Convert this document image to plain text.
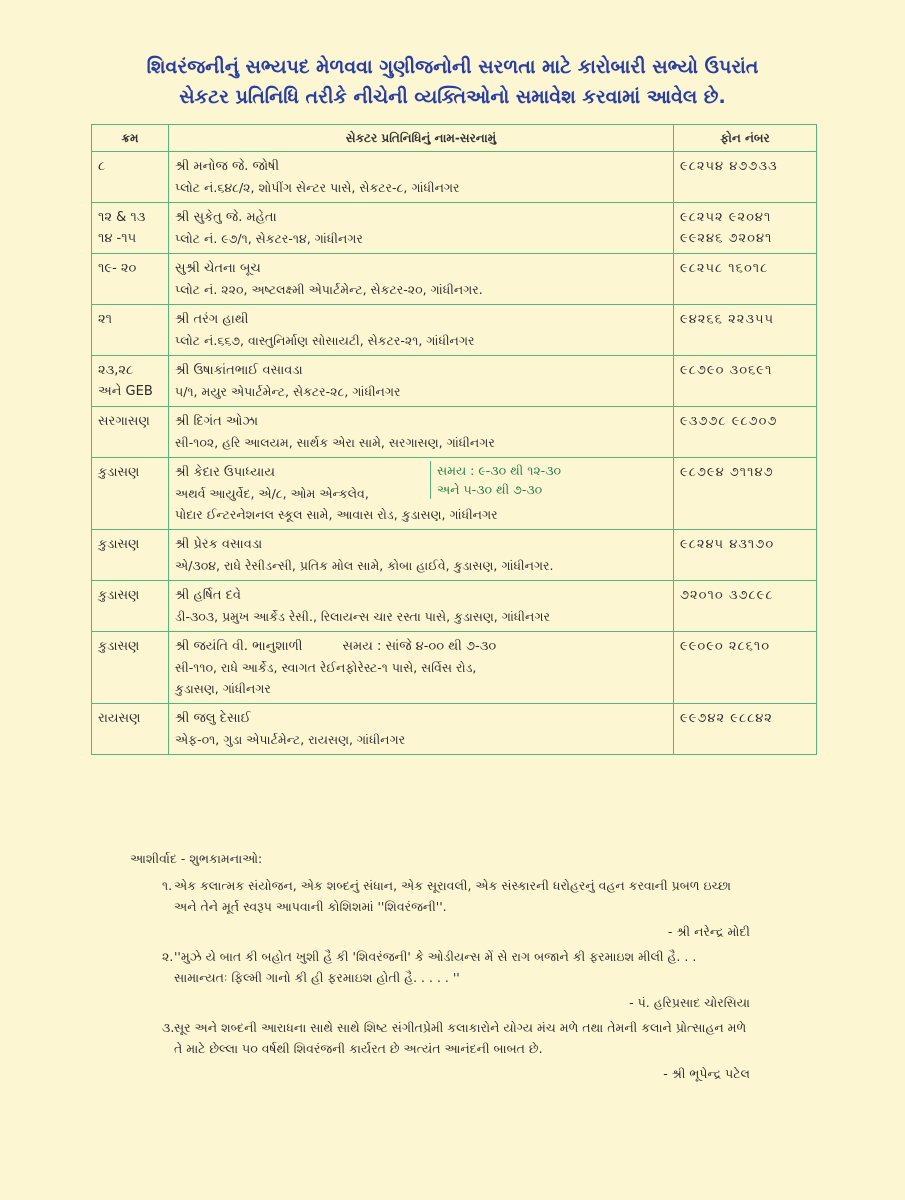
શિવરંજનીનું સભ્યપદ મેળવવા ગુણીજનોની સરળતા માટે કારોબારી સભ્યો ઉપરાંત
સેકટર પ્રતિનિધિ તરીકે નીચેની વ્યક્તિઓનો સમાવેશ કરવામાં આવેલ છે.
ક્રમ	સેકટર પ્રતિનિધિનું નામ-સરનામું	ફોન નંબર

૮	શ્રી મનોજ જે. જોષી
પ્લોટ નં.૬૪૮/૨, શોપીંગ સેન્ટર પાસે, સેકટર-૮, ગાંધીનગર	૯૮૨૫૪ ૪૭૭૩૩

૧૨ & ૧૩
૧૪ -૧૫	શ્રી સુકેતુ જે. મહેતા
પ્લોટ નં. ૯૭/૧, સેકટર-૧૪, ગાંધીનગર	૯૮૨૫૨ ૯૨૦૪૧
૯૯૨૪૬ ૭૨૦૪૧

૧૯- ૨૦	સુશ્રી ચેતના બૂચ
પ્લોટ નં. ૨૨૦, અષ્ટલક્ષ્મી એપાર્ટમેન્ટ, સેકટર-૨૦, ગાંધીનગર.	૯૮૨૫૮ ૧૬૦૧૮

૨૧	શ્રી તરંગ હાથી
પ્લોટ નં.૬૬૭, વાસ્તુનિર્માણ સોસાયટી, સેકટર-૨૧, ગાંધીનગર	૯૪૨૬૬ ૨૨૩૫૫

૨૩,૨૮
અને GEB	શ્રી ઉષાકાંતભાઈ વસાવડા
૫/૧, મયુર એપાર્ટમેન્ટ, સેકટર-૨૮, ગાંધીનગર	૯૮૭૯૦ ૩૦૬૯૧

સરગાસણ	શ્રી દિગંત ઓઝા
સી-૧૦૨, હરિ આલયમ, સાર્થક એરા સામે, સરગાસણ, ગાંધીનગર	૯૩૭૭૮ ૯૮૭૦૭

કુડાસણ	શ્રી કેદાર ઉપાધ્યાય સમય : ૯-૩૦ થી ૧૨-૩૦
અને ૫-૩૦ થી ૭-૩૦
અથર્વ આયુર્વેદ, એ/૮, ઓમ એન્કલેવ,
પોદાર ઈન્ટરનેશનલ સ્કૂલ સામે, આવાસ રોડ, કુડાસણ, ગાંધીનગર	૯૮૭૯૪ ૭૧૧૪૭

કુડાસણ	શ્રી પ્રેરક વસાવડા
એ/૩૦૪, રાધે રેસીડન્સી, પ્રતિક મોલ સામે, કોબા હાઈવે, કુડાસણ, ગાંધીનગર.	૯૮૨૪૫ ૪૩૧૭૦

કુડાસણ	શ્રી હર્ષિત દવે
ડી-૩૦૩, પ્રમુખ આર્કેડ રેસી., રિલાયન્સ ચાર રસ્તા પાસે, કુડાસણ, ગાંધીનગર	૭૨૦૧૦ ૩૭૮૯૮

કુડાસણ	શ્રી જયંતિ વી. ભાનુશાળી સમય : સાંજે ૪-૦૦ થી ૭-૩૦
સી-૧૧૦, રાધે આર્કેડ, સ્વાગત રેઈનફોરેસ્ટ-૧ પાસે, સર્વિસ રોડ,
કુડાસણ, ગાંધીનગર	૯૯૦૯૦ ૨૮૬૧૦

રાયસણ	શ્રી જલુ દેસાઈ
એફ-૦૧, ગુડા એપાર્ટમેન્ટ, રાયસણ, ગાંધીનગર	૯૯૭૪૨ ૯૮૮૪૨
આશીર્વાદ - શુભકામનાઓ:
૧. એક કલાત્મક સંયોજન, એક શબ્દનું સંધાન, એક સૂરાવલી, એક સંસ્કારની ધરોહરનું વહન કરવાની પ્રબળ ઇચ્છા અને તેને મૂર્ત સ્વરૂપ આપવાની કોશિશમાં ''શિવરંજની''.
- શ્રી નરેન્દ્ર મોદી
૨. ''મુઝે યે બાત કી બહોત ખુશી હૈ કી 'શિવરંજની' કે ઓડીયન્સ મેં સે રાગ બજાને કી ફરમાઇશ મીલી હૈ. . . સામાન્યતઃ ફિલ્મી ગાનો કી હી ફરમાઇશ હોતી હૈ. . . . . ''
- પં. હરિપ્રસાદ ચોરસિયા
૩. સૂર અને શબ્દની આરાધના સાથે સાથે શિષ્ટ સંગીતપ્રેમી કલાકારોને યોગ્ય મંચ મળે તથા તેમની કલાને પ્રોત્સાહન મળે તે માટે છેલ્લા ૫૦ વર્ષથી શિવરંજની કાર્યરત છે અત્યંત આનંદની બાબત છે.
- શ્રી ભૂપેન્દ્ર પટેલ
